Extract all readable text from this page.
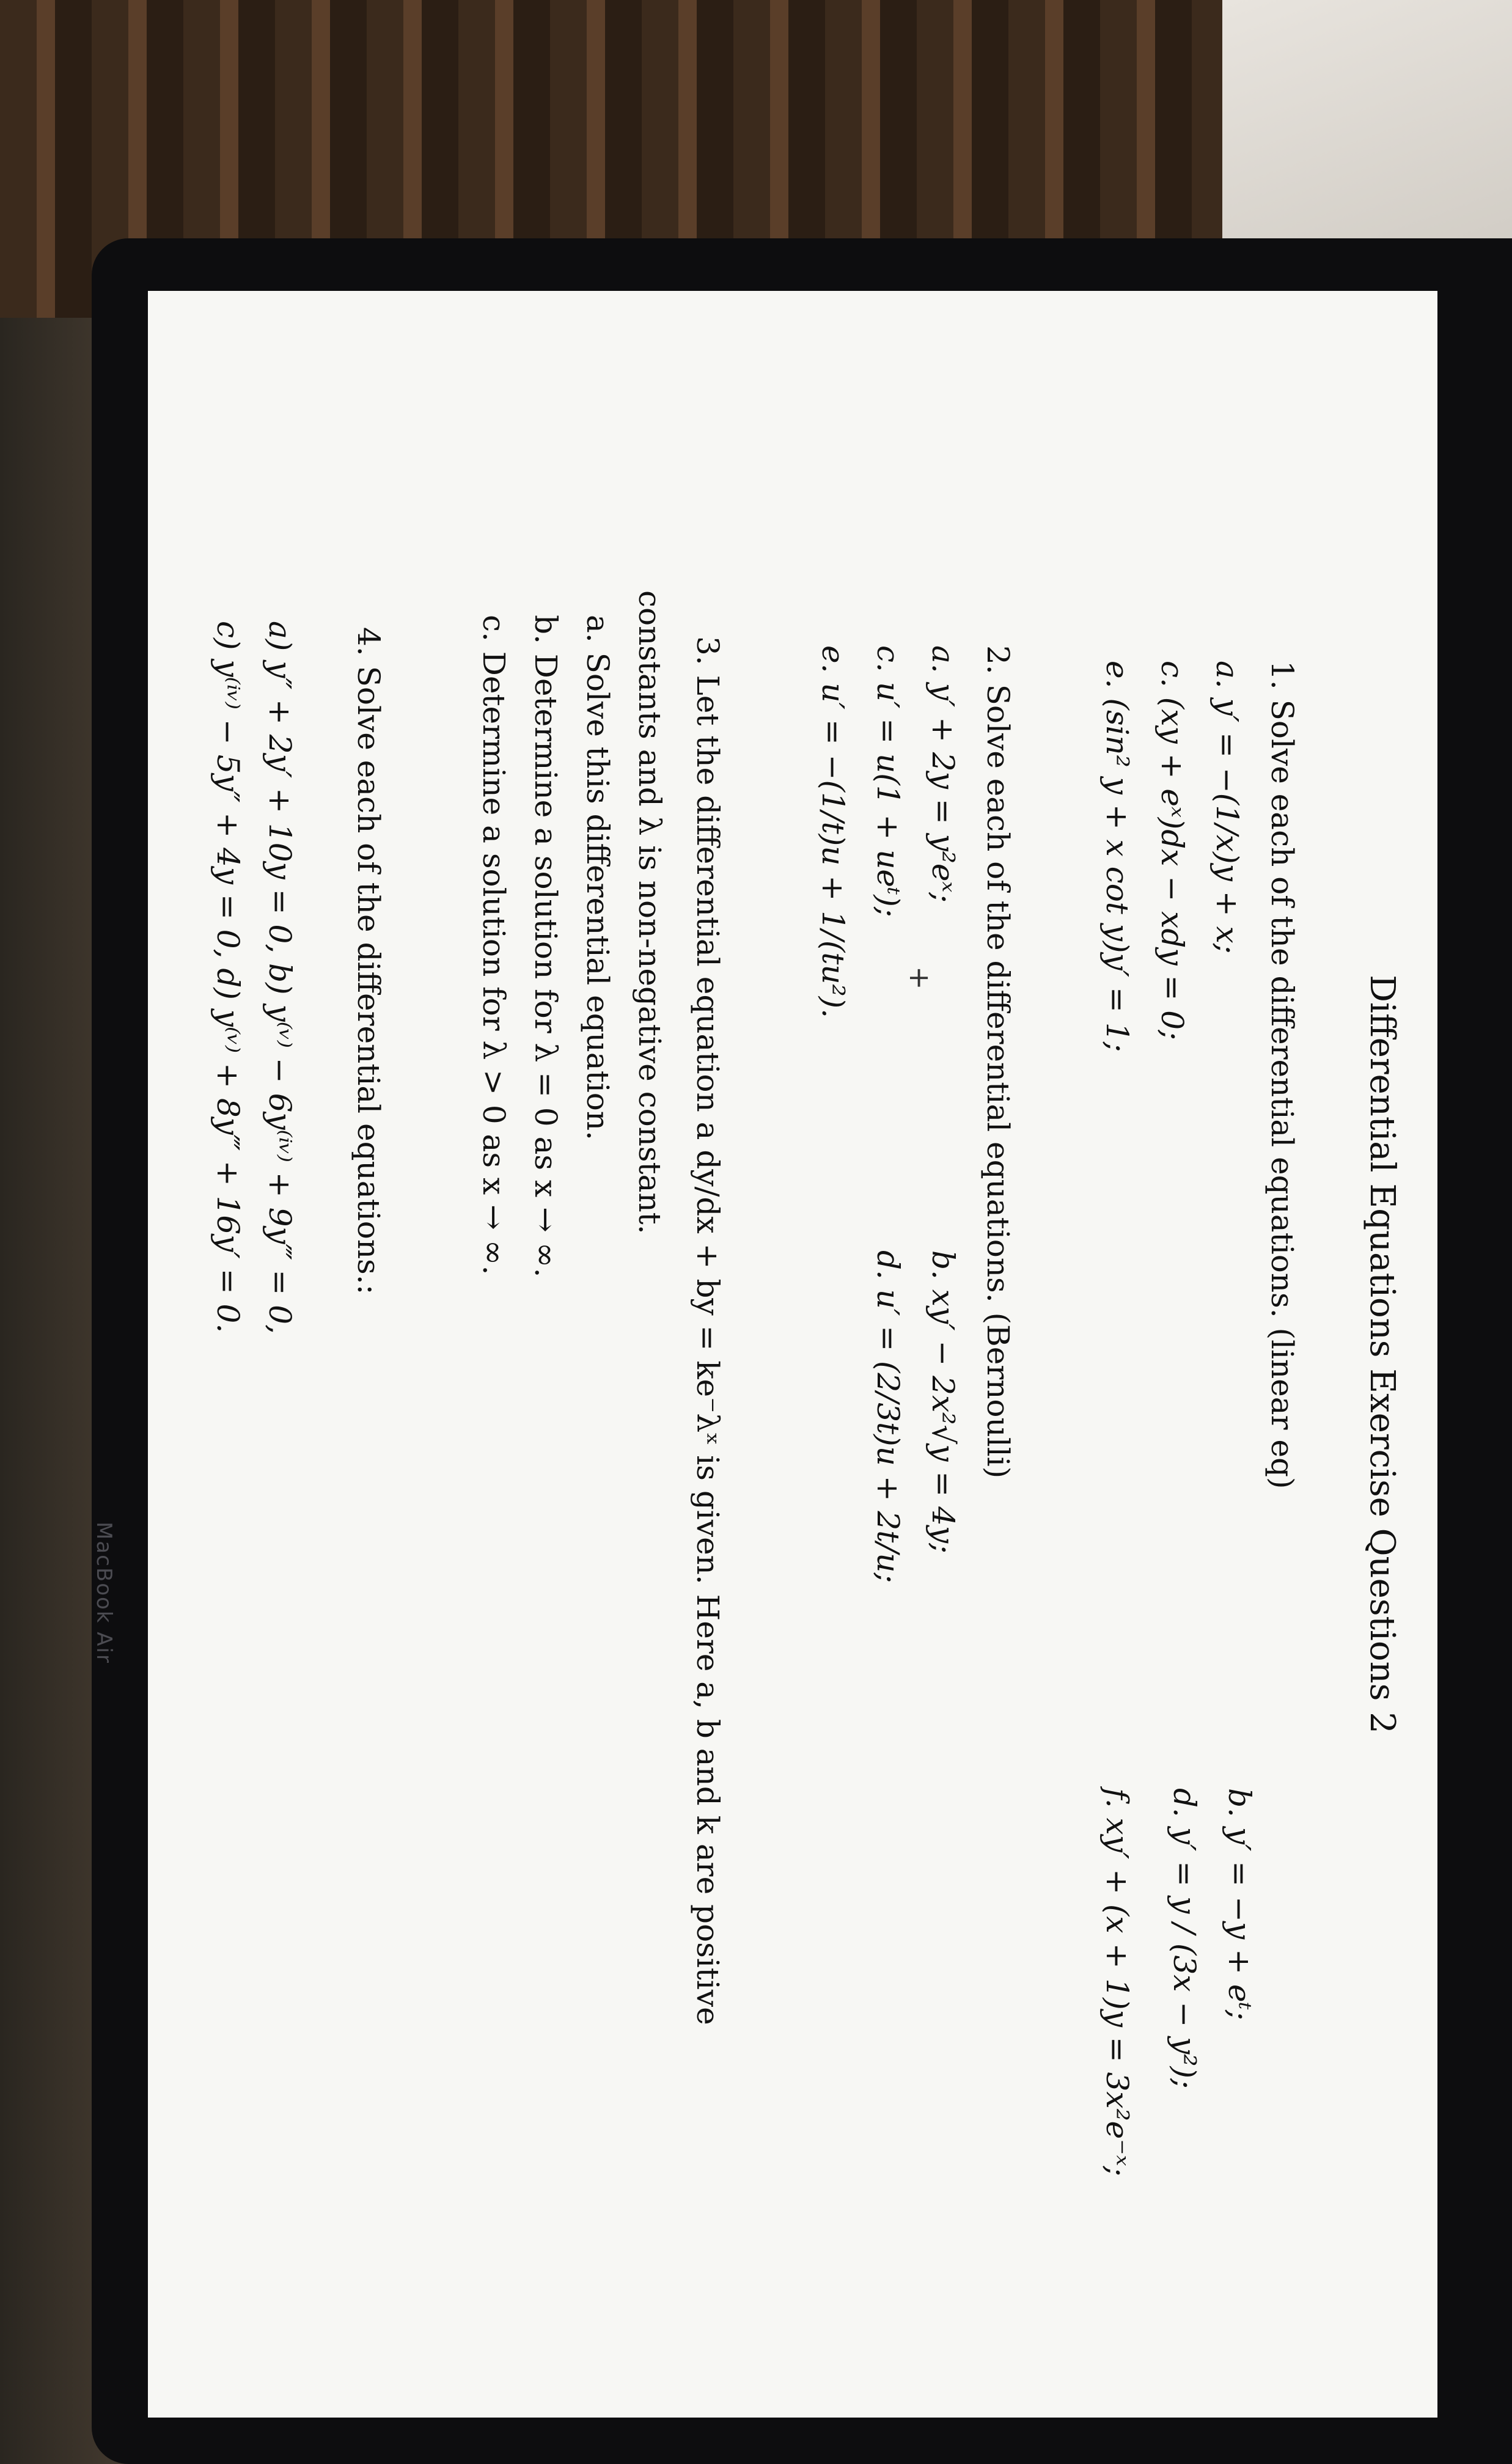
MacBook Air	Differential Equations Exercise Questions 2
+	1. Solve each of the differential equations. (linear eq)
a. y′ = −(1/x)y + x;
b. y′ = −y + eᵗ;
c. (xy + eˣ)dx − xdy = 0;
d. y′ = y / (3x − y²);
e. (sin² y + x cot y)y′ = 1;
f. xy′ + (x + 1)y = 3x²e⁻ˣ;
2. Solve each of the differential equations. (Bernoulli)
a. y′ + 2y = y²eˣ;
b. xy′ − 2x²√y = 4y;
c. u′ = u(1 + ueᵗ);
d. u′ = (2/3t)u + 2t/u;
e. u′ = −(1/t)u + 1/(tu²).
3. Let the differential equation a dy/dx + by = ke⁻λˣ is given. Here a, b and k are positive
constants and λ is non-negative constant.
a. Solve this differential equation.
b. Determine a solution for λ = 0 as x → ∞.
c. Determine a solution for λ > 0 as x → ∞.
4. Solve each of the differential equations.:
a) y″ + 2y′ + 10y = 0, b) y⁽ᵛ⁾ − 6y⁽ⁱᵛ⁾ + 9y‴ = 0,
c) y⁽ⁱᵛ⁾ − 5y″ + 4y = 0, d) y⁽ᵛ⁾ + 8y‴ + 16y′ = 0.
